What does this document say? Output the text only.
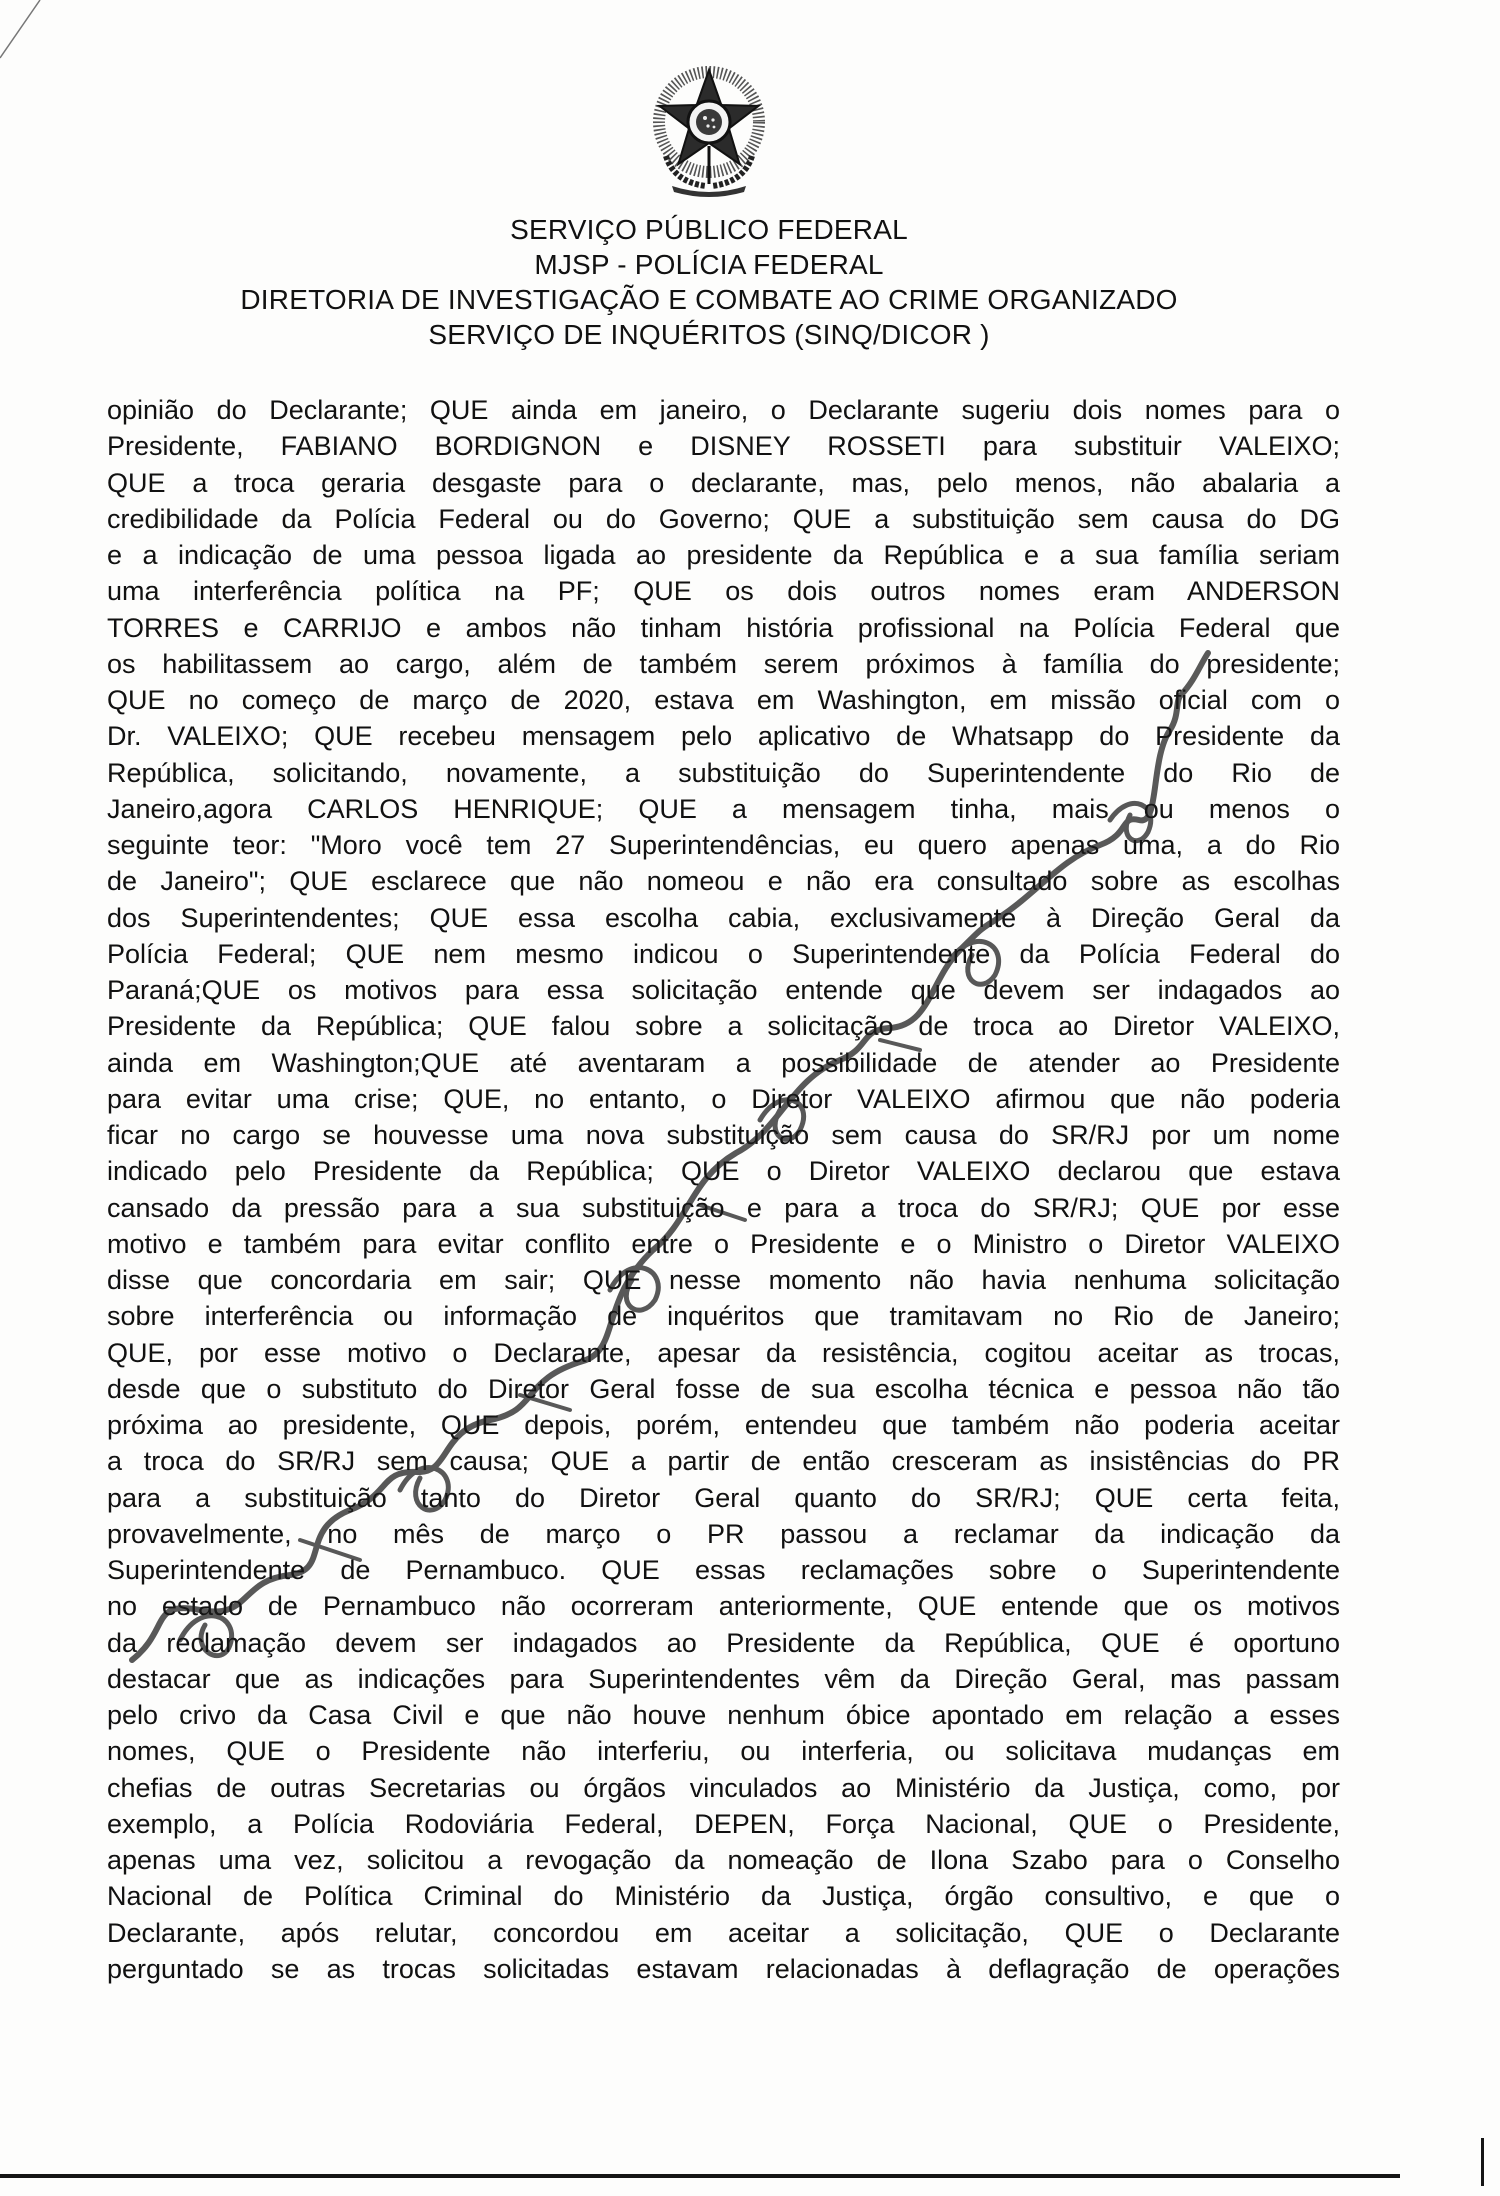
SERVIÇO PÚBLICO FEDERAL
MJSP - POLÍCIA FEDERAL
DIRETORIA DE INVESTIGAÇÃO E COMBATE AO CRIME ORGANIZADO
SERVIÇO DE INQUÉRITOS (SINQ/DICOR )
opinião do Declarante; QUE ainda em janeiro, o Declarante sugeriu dois nomes para o
Presidente, FABIANO BORDIGNON e DISNEY ROSSETI para substituir VALEIXO;
QUE a troca geraria desgaste para o declarante, mas, pelo menos, não abalaria a
credibilidade da Polícia Federal ou do Governo; QUE a substituição sem causa do DG
e a indicação de uma pessoa ligada ao presidente da República e a sua família seriam
uma interferência política na PF; QUE os dois outros nomes eram ANDERSON
TORRES e CARRIJO e ambos não tinham história profissional na Polícia Federal que
os habilitassem ao cargo, além de também serem próximos à família do presidente;
QUE no começo de março de 2020, estava em Washington, em missão oficial com o
Dr. VALEIXO; QUE recebeu mensagem pelo aplicativo de Whatsapp do Presidente da
República, solicitando, novamente, a substituição do Superintendente do Rio de
Janeiro,agora CARLOS HENRIQUE; QUE a mensagem tinha, mais ou menos o
seguinte teor: "Moro você tem 27 Superintendências, eu quero apenas uma, a do Rio
de Janeiro"; QUE esclarece que não nomeou e não era consultado sobre as escolhas
dos Superintendentes; QUE essa escolha cabia, exclusivamente à Direção Geral da
Polícia Federal; QUE nem mesmo indicou o Superintendente da Polícia Federal do
Paraná;QUE os motivos para essa solicitação entende que devem ser indagados ao
Presidente da República; QUE falou sobre a solicitação de troca ao Diretor VALEIXO,
ainda em Washington;QUE até aventaram a possibilidade de atender ao Presidente
para evitar uma crise; QUE, no entanto, o Diretor VALEIXO afirmou que não poderia
ficar no cargo se houvesse uma nova substituição sem causa do SR/RJ por um nome
indicado pelo Presidente da República; QUE o Diretor VALEIXO declarou que estava
cansado da pressão para a sua substituição e para a troca do SR/RJ; QUE por esse
motivo e também para evitar conflito entre o Presidente e o Ministro o Diretor VALEIXO
disse que concordaria em sair; QUE nesse momento não havia nenhuma solicitação
sobre interferência ou informação de inquéritos que tramitavam no Rio de Janeiro;
QUE, por esse motivo o Declarante, apesar da resistência, cogitou aceitar as trocas,
desde que o substituto do Diretor Geral fosse de sua escolha técnica e pessoa não tão
próxima ao presidente, QUE depois, porém, entendeu que também não poderia aceitar
a troca do SR/RJ sem causa; QUE a partir de então cresceram as insistências do PR
para a substituição tanto do Diretor Geral quanto do SR/RJ; QUE certa feita,
provavelmente, no mês de março o PR passou a reclamar da indicação da
Superintendente de Pernambuco. QUE essas reclamações sobre o Superintendente
no estado de Pernambuco não ocorreram anteriormente, QUE entende que os motivos
da reclamação devem ser indagados ao Presidente da República, QUE é oportuno
destacar que as indicações para Superintendentes vêm da Direção Geral, mas passam
pelo crivo da Casa Civil e que não houve nenhum óbice apontado em relação a esses
nomes, QUE o Presidente não interferiu, ou interferia, ou solicitava mudanças em
chefias de outras Secretarias ou órgãos vinculados ao Ministério da Justiça, como, por
exemplo, a Polícia Rodoviária Federal, DEPEN, Força Nacional, QUE o Presidente,
apenas uma vez, solicitou a revogação da nomeação de Ilona Szabo para o Conselho
Nacional de Política Criminal do Ministério da Justiça, órgão consultivo, e que o
Declarante, após relutar, concordou em aceitar a solicitação, QUE o Declarante
perguntado se as trocas solicitadas estavam relacionadas à deflagração de operações
